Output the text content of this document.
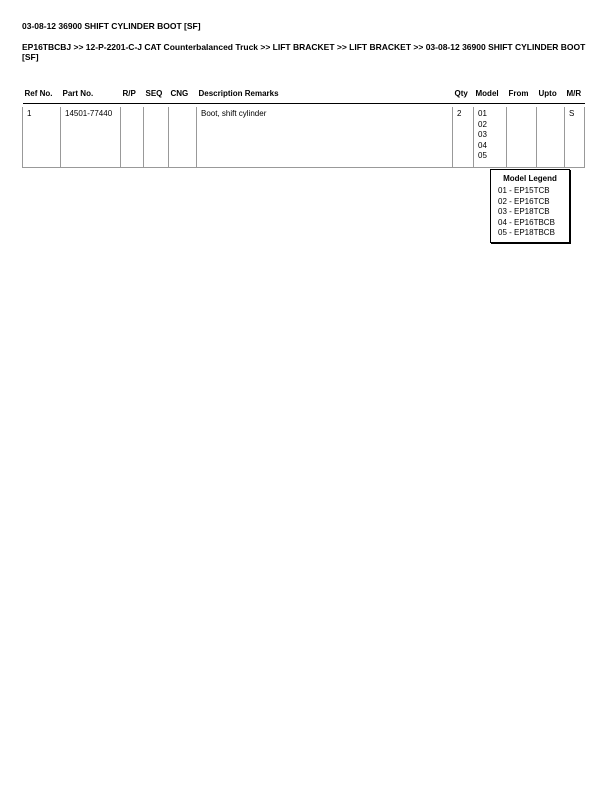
03-08-12 36900 SHIFT CYLINDER BOOT [SF]

EP16TBCBJ >> 12-P-2201-C-J CAT Counterbalanced Truck >> LIFT BRACKET >> LIFT BRACKET >> 03-08-12 36900 SHIFT CYLINDER BOOT [SF]

Ref No.	Part No.	R/P	SEQ	CNG	Description Remarks	Qty	Model	From	Upto	M/R

1	14501-77440				Boot, shift cylinder	2	01
02
03
04
05			S
Model Legend
01 - EP15TCB
02 - EP16TCB
03 - EP18TCB
04 - EP16TBCB
05 - EP18TBCB
